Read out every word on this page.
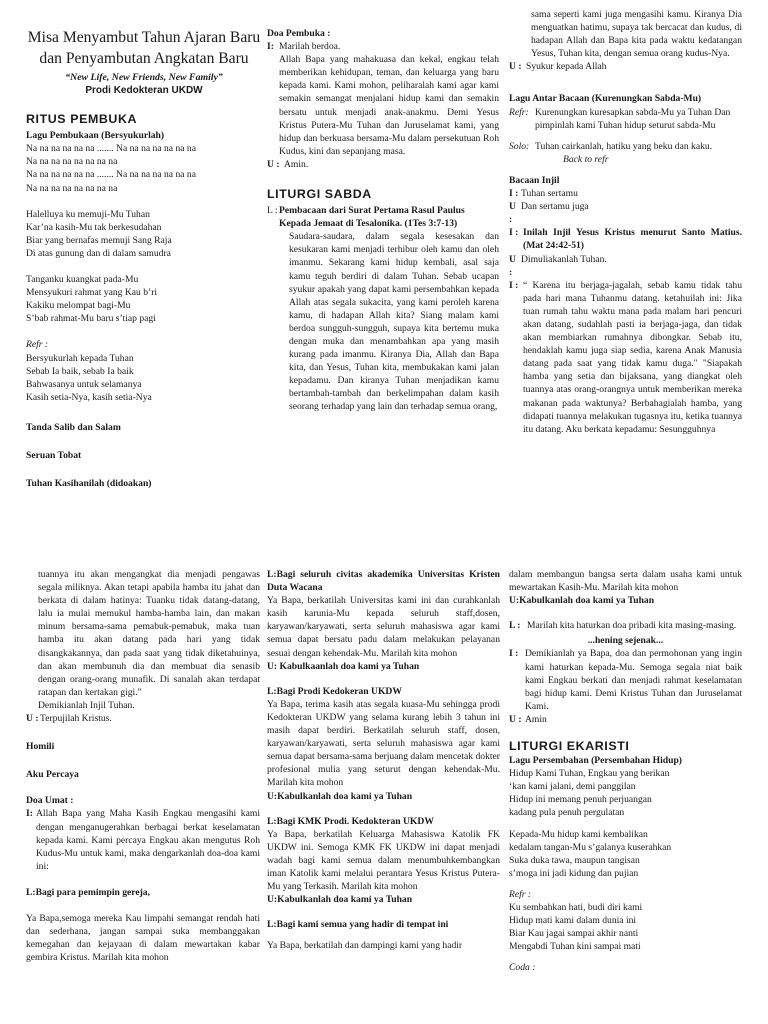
Misa Menyambut Tahun Ajaran Baru dan Penyambutan Angkatan Baru
“New Life, New Friends, New Family”
Prodi Kedokteran UKDW
RITUS PEMBUKA
Lagu Pembukaan (Bersyukurlah)
Na na na na na na ....... Na na na na na na na
Na na na na na na na na
Na na na na na na ....... Na na na na na na na
Na na na na na na na na
Halelluya ku memuji-Mu Tuhan
Kar’na kasih-Mu tak berkesudahan
Biar yang bernafas memuji Sang Raja
Di atas gunung dan di dalam samudra
Tanganku kuangkat pada-Mu
Mensyukuri rahmat yang Kau b’ri
Kakiku melompat bagi-Mu
S’bab rahmat-Mu baru s’tiap pagi
Refr :
Bersyukurlah kepada Tuhan
Sebab Ia baik, sebab Ia baik
Bahwasanya untuk selamanya
Kasih setia-Nya, kasih setia-Nya
Tanda Salib dan Salam
Seruan Tobat
Tuhan Kasihanilah (didoakan)
Doa Pembuka :
I: Marilah berdoa.
Allah Bapa yang mahakuasa dan kekal, engkau telah memberikan kehidupan, teman, dan keluarga yang baru kepada kami. Kami mohon, peliharalah kami agar kami semakin semangat menjalani hidup kami dan semakin bersatu untuk menjadi anak-anakmu. Demi Yesus Kristus Putera-Mu Tuhan dan Juruselamat kami, yang hidup dan berkuasa bersama-Mu dalam persekutuan Roh Kudus, kini dan sepanjang masa.
U : Amin.
LITURGI SABDA
L : Pembacaan dari Surat Pertama Rasul Paulus Kepada Jemaat di Tesalonika. (1Tes 3:7-13)
Saudara-saudara, dalam segala kesesakan dan kesukaran kami menjadi terhibur oleh kamu dan oleh imanmu. Sekarang kami hidup kembali, asal saja kamu teguh berdiri di dalam Tuhan. Sebab ucapan syukur apakah yang dapat kami persembahkan kepada Allah atas segala sukacita, yang kami peroleh karena kamu, di hadapan Allah kita? Siang malam kami berdoa sungguh-sungguh, supaya kita bertemu muka dengan muka dan menambahkan apa yang masih kurang pada imanmu. Kiranya Dia, Allah dan Bapa kita, dan Yesus, Tuhan kita, membukakan kami jalan kepadamu. Dan kiranya Tuhan menjadikan kamu bertambah-tambah dan berkelimpahan dalam kasih seorang terhadap yang lain dan terhadap semua orang,
sama seperti kami juga mengasihi kamu. Kiranya Dia menguatkan hatimu, supaya tak bercacat dan kudus, di hadapan Allah dan Bapa kita pada waktu kedatangan Yesus, Tuhan kita, dengan semua orang kudus-Nya.
U : Syukur kepada Allah
Lagu Antar Bacaan (Kurenungkan Sabda-Mu)
Refr: Kurenungkan kuresapkan sabda-Mu ya Tuhan Dan pimpinlah kami Tuhan hidup seturut sabda-Mu
Solo: Tuhan cairkanlah, hatiku yang beku dan kaku.
Back to refr
Bacaan Injil
I : Tuhan sertamu
U :
Dan sertamu juga
I : Inilah Injil Yesus Kristus menurut Santo Matius. (Mat 24:42-51)
U :
Dimuliakanlah Tuhan.
I : “ Karena itu berjaga-jagalah, sebab kamu tidak tahu pada hari mana Tuhanmu datang. ketahuilah ini: Jika tuan rumah tahu waktu mana pada malam hari pencuri akan datang, sudahlah pasti ia berjaga-jaga, dan tidak akan membiarkan rumahnya dibongkar. Sebab itu, hendaklah kamu juga siap sedia, karena Anak Manusia datang pada saat yang tidak kamu duga." "Siapakah hamba yang setia dan bijaksana, yang diangkat oleh tuannya atas orang-orangnya untuk memberikan mereka makanan pada waktunya? Berbahagialah hamba, yang didapati tuannya melakukan tugasnya itu, ketika tuannya itu datang. Aku berkata kepadamu: Sesungguhnya
tuannya itu akan mengangkat dia menjadi pengawas segala miliknya. Akan tetapi apabila hamba itu jahat dan berkata di dalam hatinya: Tuanku tidak datang-datang, lalu ia mulai memukul hamba-hamba lain, dan makan minum bersama-sama pemabuk-pemabuk, maka tuan hamba itu akan datang pada hari yang tidak disangkakannya, dan pada saat yang tidak diketahuinya, dan akan membunuh dia dan membuat dia senasib dengan orang-orang munafik. Di sanalah akan terdapat ratapan dan kertakan gigi."
Demikianlah Injil Tuhan.
U : Terpujilah Kristus.
Homili
Aku Percaya
Doa Umat :
I: Allah Bapa yang Maha Kasih Engkau mengasihi kami dengan menganugerahkan berbagai berkat keselamatan kepada kami. Kami percaya Engkau akan mengutus Roh Kudus-Mu untuk kami, maka dengarkanlah doa-doa kami ini:
L:Bagi para pemimpin gereja,
Ya Bapa,semoga mereka Kau limpahi semangat rendah hati dan sederhana, jangan sampai suka membanggakan kemegahan dan kejayaan di dalam mewartakan kabar gembira Kristus. Marilah kita mohon
L:Bagi seluruh civitas akademika Universitas Kristen Duta Wacana
Ya Bapa, berkatilah Universitas kami ini dan curahkanlah kasih karunia-Mu kepada seluruh staff,dosen, karyawan/karyawati, serta seluruh mahasiswa agar kami semua dapat bersatu padu dalam melakukan pelayanan sesuai dengan kehendak-Mu. Marilah kita mohon
U: Kabulkaanlah doa kami ya Tuhan
L:Bagi Prodi Kedokeran UKDW
Ya Bapa, terima kasih atas segala kuasa-Mu sehingga prodi Kedokteran UKDW yang selama kurang lebih 3 tahun ini masih dapat berdiri. Berkatilah seluruh staff, dosen, karyawan/karyawati, serta seluruh mahasiswa agar kami semua dapat bersama-sama berjuang dalam mencetak dokter profesional mulia yang seturut dengan kehendak-Mu. Marilah kita mohon
U:Kabulkanlah doa kami ya Tuhan
L:Bagi KMK Prodi. Kedokteran UKDW
Ya Bapa, berkatilah Keluarga Mahasiswa Katolik FK UKDW ini. Semoga KMK FK UKDW ini dapat menjadi wadah bagi kami semua dalam menumbuhkembangkan iman Katolik kami melalui perantara Yesus Kristus Putera-Mu yang Terkasih. Marilah kita mohon
U:Kabulkanlah doa kami ya Tuhan
L:Bagi kami semua yang hadir di tempat ini
Ya Bapa, berkatilah dan dampingi kami yang hadir
dalam membangun bangsa serta dalam usaha kami untuk mewartakan Kasih-Mu. Marilah kita mohon
U:Kabulkanlah doa kami ya Tuhan
L : Marilah kita haturkan doa pribadi kita masing-masing.
...hening sejenak...
I : Demikianlah ya Bapa, doa dan permohonan yang ingin kami haturkan kepada-Mu. Semoga segala niat baik kami Engkau berkati dan menjadi rahmat keselamatan bagi hidup kami. Demi Kristus Tuhan dan Juruselamat Kami.
U : Amin
LITURGI EKARISTI
Lagu Persembahan (Persembahan Hidup)
Hidup Kami Tuhan, Engkau yang berikan
‘kan kami jalani, demi panggilan
Hidup ini memang penuh perjuangan
kadang pula penuh pergulatan
Kepada-Mu hidup kami kembalikan
kedalam tangan-Mu s’galanya kuserahkan
Suka duka tawa, maupun tangisan
s’moga ini jadi kidung dan pujian
Refr :
Ku sembahkan hati, budi diri kami
Hidup mati kami dalam dunia ini
Biar Kau jagai sampai akhir nanti
Mengabdi Tuhan kini sampai mati
Coda :
